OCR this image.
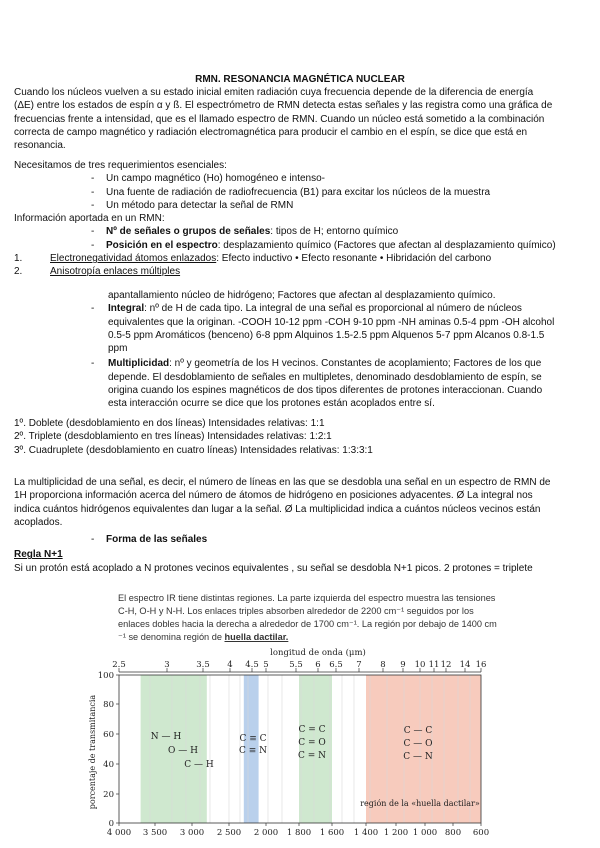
RMN. RESONANCIA MAGNÉTICA NUCLEAR
Cuando los núcleos vuelven a su estado inicial emiten radiación cuya frecuencia depende de la diferencia de energía
(ΔE) entre los estados de espín α y ß. El espectrómetro de RMN detecta estas señales y las registra como una gráfica de
frecuencias frente a intensidad, que es el llamado espectro de RMN. Cuando un núcleo está sometido a la combinación
correcta de campo magnético y radiación electromagnética para producir el cambio en el espín, se dice que está en
resonancia.
Necesitamos de tres requerimientos esenciales:
- Un campo magnético (Ho) homogéneo e intenso-
- Una fuente de radiación de radiofrecuencia (B1) para excitar los núcleos de la muestra
- Un método para detectar la señal de RMN
Información aportada en un RMN:
- Nº de señales o grupos de señales: tipos de H; entorno químico
- Posición en el espectro: desplazamiento químico (Factores que afectan al desplazamiento químico)
1.	Electronegatividad átomos enlazados: Efecto inductivo • Efecto resonante • Hibridación del carbono
2.	Anisotropía enlaces múltiples
apantallamiento núcleo de hidrógeno; Factores que afectan al desplazamiento químico.
- Integral: nº de H de cada tipo. La integral de una señal es proporcional al número de núcleos
equivalentes que la originan. -COOH 10-12 ppm -COH 9-10 ppm -NH aminas 0.5-4 ppm -OH alcohol
0.5-5 ppm Aromáticos (benceno) 6-8 ppm Alquinos 1.5-2.5 ppm Alquenos 5-7 ppm Alcanos 0.8-1.5
ppm
- Multiplicidad: nº y geometría de los H vecinos. Constantes de acoplamiento; Factores de los que
depende. El desdoblamiento de señales en multipletes, denominado desdoblamiento de espín, se
origina cuando los espines magnéticos de dos tipos diferentes de protones interaccionan. Cuando
esta interacción ocurre se dice que los protones están acoplados entre sí.
1º. Doblete (desdoblamiento en dos líneas) Intensidades relativas: 1:1
2º. Triplete (desdoblamiento en tres líneas) Intensidades relativas: 1:2:1
3º. Cuadruplete (desdoblamiento en cuatro líneas) Intensidades relativas: 1:3:3:1
La multiplicidad de una señal, es decir, el número de líneas en las que se desdobla una señal en un espectro de RMN de
1H proporciona información acerca del número de átomos de hidrógeno en posiciones adyacentes. Ø La integral nos
indica cuántos hidrógenos equivalentes dan lugar a la señal. Ø La multiplicidad indica a cuántos núcleos vecinos están
acoplados.
- Forma de las señales
Regla N+1
Si un protón está acoplado a N protones vecinos equivalentes , su señal se desdobla N+1 picos. 2 protones = triplete
El espectro IR tiene distintas regiones. La parte izquierda del espectro muestra las tensiones
C-H, O-H y N-H. Los enlaces triples absorben alrededor de 2200 cm⁻¹ seguidos por los
enlaces dobles hacia la derecha a alrededor de 1700 cm⁻¹. La región por debajo de 1400 cm
⁻¹ se denomina región de huella dactilar.
2.5	3	3.5 4 4.5 5 5.5 6 6.5 7 8 9 10 11 12 14 16
longitud de onda (μm)
100
80
60
40
20
0
porcentaje de transmitancia
4 000 3 500 3 000 2 500 2 000 1 800 1 600 1 400 1 200 1 000 800 600
N — H
O — H
C — H
C ≡ C
C ≡ N
C = C
C = O
C = N
C — C
C — O
C — N
región de la «huella dactilar»
